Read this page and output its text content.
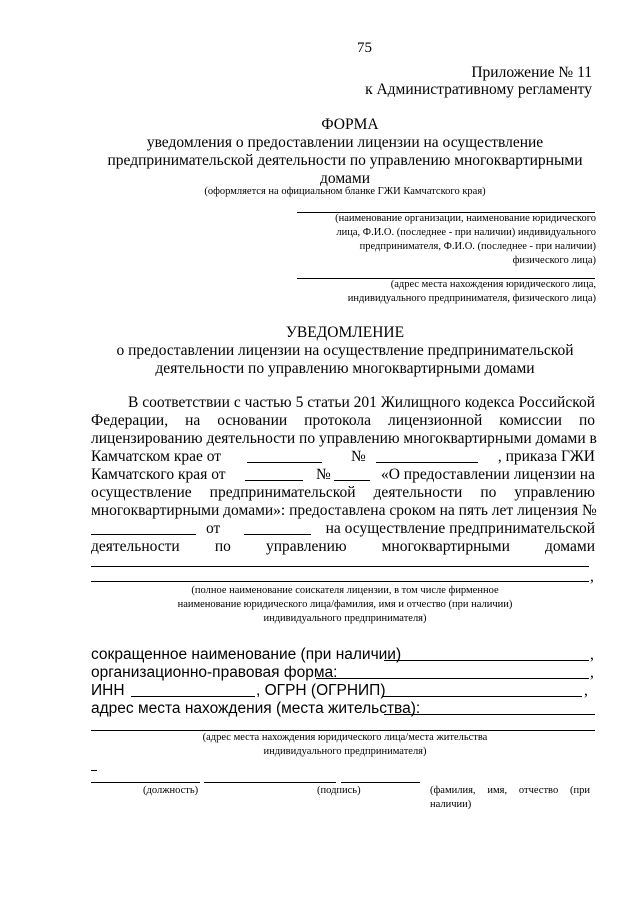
75
Приложение № 11
к Административному регламенту
ФОРМА
уведомления о предоставлении лицензии на осуществление
предпринимательской деятельности по управлению многоквартирными
домами
(оформляется на официальном бланке ГЖИ Камчатского края)
(наименование организации, наименование юридического
лица, Ф.И.О. (последнее - при наличии) индивидуального
предпринимателя, Ф.И.О. (последнее - при наличии)
физического лица)
(адрес места нахождения юридического лица,
индивидуального предпринимателя, физического лица)
УВЕДОМЛЕНИЕ
о предоставлении лицензии на осуществление предпринимательской
деятельности по управлению многоквартирными домами
В соответствии с частью 5 статьи 201 Жилищного кодекса Российской
Федерации, на основании протокола лицензионной комиссии по
лицензированию деятельности по управлению многоквартирными домами в
Камчатском крае от	№	, приказа ГЖИ
Камчатского края от	№	«О предоставлении лицензии на
осуществление предпринимательской деятельности по управлению
многоквартирными домами»: предоставлена сроком на пять лет лицензия №
от	на осуществление предпринимательской
деятельности по управлению многоквартирными домами
,
(полное наименование соискателя лицензии, в том числе фирменное
наименование юридического лица/фамилия, имя и отчество (при наличии)
индивидуального предпринимателя)
сокращенное наименование (при наличии)	,
организационно-правовая форма:	,
ИНН	, ОГРН (ОГРНИП)	,
адрес места нахождения (места жительства):
(адрес места нахождения юридического лица/места жительства
индивидуального предпринимателя)
(должность)	(подпись)	(фамилия, имя, отчество (при
наличии)
